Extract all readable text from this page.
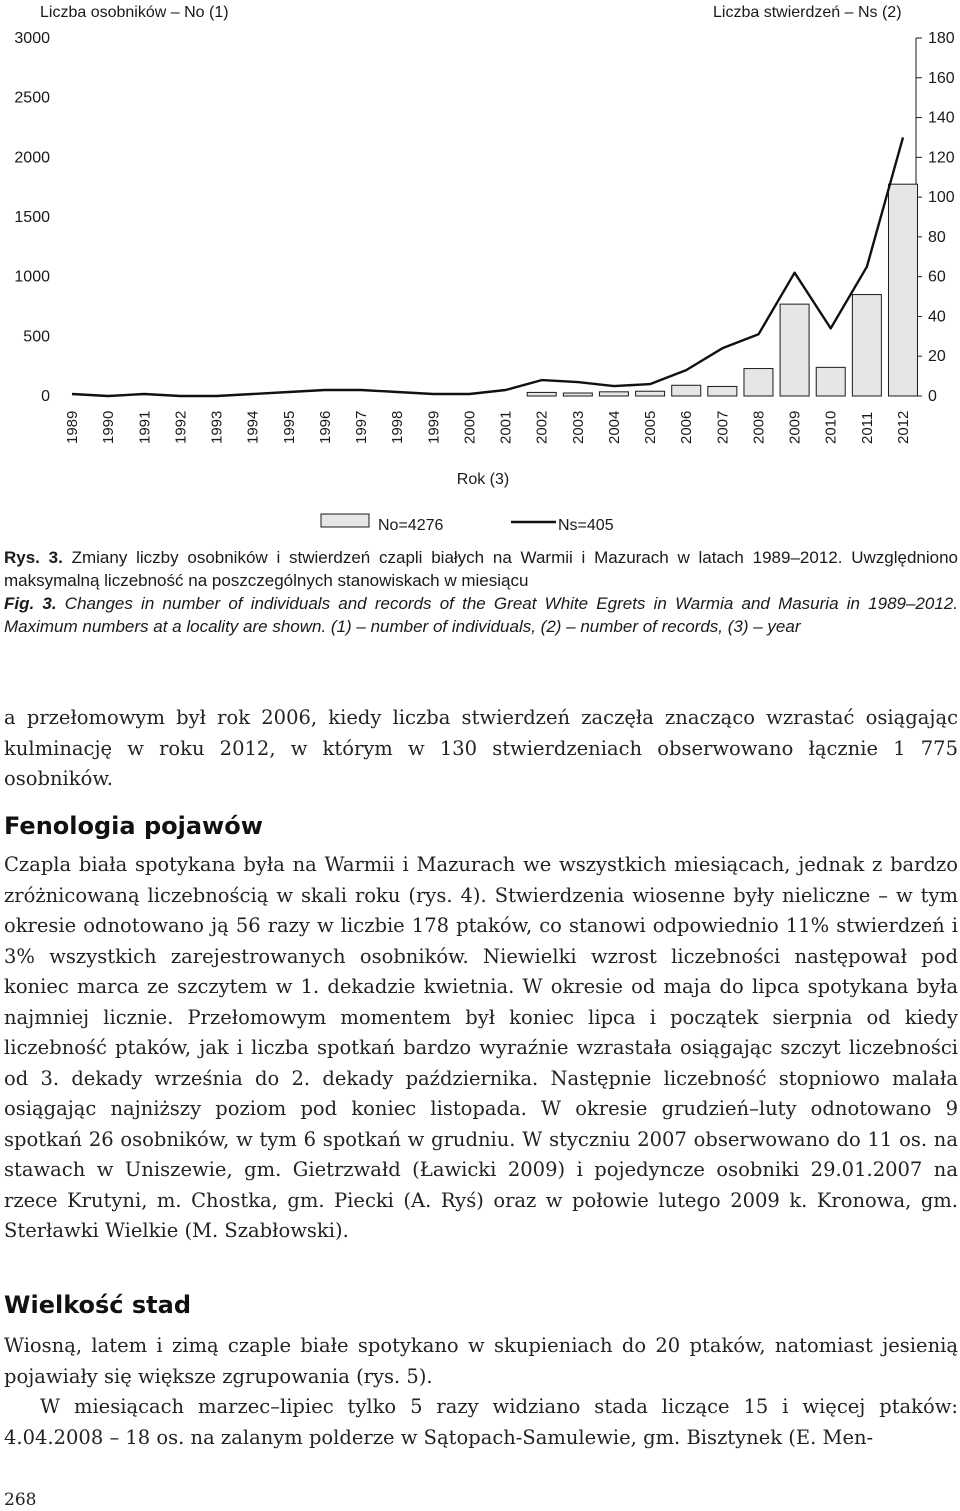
Liczba osobników – No (1)	Liczba stwierdzeń – Ns (2)
0
500
1000
1500
2000
2500
3000
0
20
40
60
80
100
120
140
160
180
1989 1990 1991 1992 1993 1994 1995 1996 1997 1998 1999 2000 2001 2002 2003 2004 2005 2006 2007 2008 2009 2010 2011 2012
Rok (3)
No=4276	Ns=405

Rys. 3. Zmiany liczby osobników i stwierdzeń czapli białych na Warmii i Mazurach w latach 1989–2012. Uwzględniono maksymalną liczebność na poszczególnych stanowiskach w miesiącu

Fig. 3. Changes in number of individuals and records of the Great White Egrets in Warmia and Masuria in 1989–2012. Maximum numbers at a locality are shown. (1) – number of individuals, (2) – number of records, (3) – year

a przełomowym był rok 2006, kiedy liczba stwierdzeń zaczęła znacząco wzrastać osiągając kulminację w roku 2012, w którym w 130 stwierdzeniach obserwowano łącznie 1 775 osobników.

Fenologia pojawów

Czapla biała spotykana była na Warmii i Mazurach we wszystkich miesiącach, jednak z bardzo zróżnicowaną liczebnością w skali roku (rys. 4). Stwierdzenia wiosenne były nieliczne – w tym okresie odnotowano ją 56 razy w liczbie 178 ptaków, co stanowi odpowiednio 11% stwierdzeń i 3% wszystkich zarejestrowanych osobników. Niewielki wzrost liczebności następował pod koniec marca ze szczytem w 1. dekadzie kwietnia. W okresie od maja do lipca spotykana była najmniej licznie. Przełomowym momentem był koniec lipca i początek sierpnia od kiedy liczebność ptaków, jak i liczba spotkań bardzo wyraźnie wzrastała osiągając szczyt liczebności od 3. dekady września do 2. dekady października. Następnie liczebność stopniowo malała osiągając najniższy poziom pod koniec listopada. W okresie grudzień–luty odnotowano 9 spotkań 26 osobników, w tym 6 spotkań w grudniu. W styczniu 2007 obserwowano do 11 os. na stawach w Uniszewie, gm. Gietrzwałd (Ławicki 2009) i pojedyncze osobniki 29.01.2007 na rzece Krutyni, m. Chostka, gm. Piecki (A. Ryś) oraz w połowie lutego 2009 k. Kronowa, gm. Sterławki Wielkie (M. Szabłowski).

Wielkość stad

Wiosną, latem i zimą czaple białe spotykano w skupieniach do 20 ptaków, natomiast jesienią pojawiały się większe zgrupowania (rys. 5).

W miesiącach marzec–lipiec tylko 5 razy widziano stada liczące 15 i więcej ptaków: 4.04.2008 – 18 os. na zalanym polderze w Sątopach-Samulewie, gm. Bisztynek (E. Men-

268
